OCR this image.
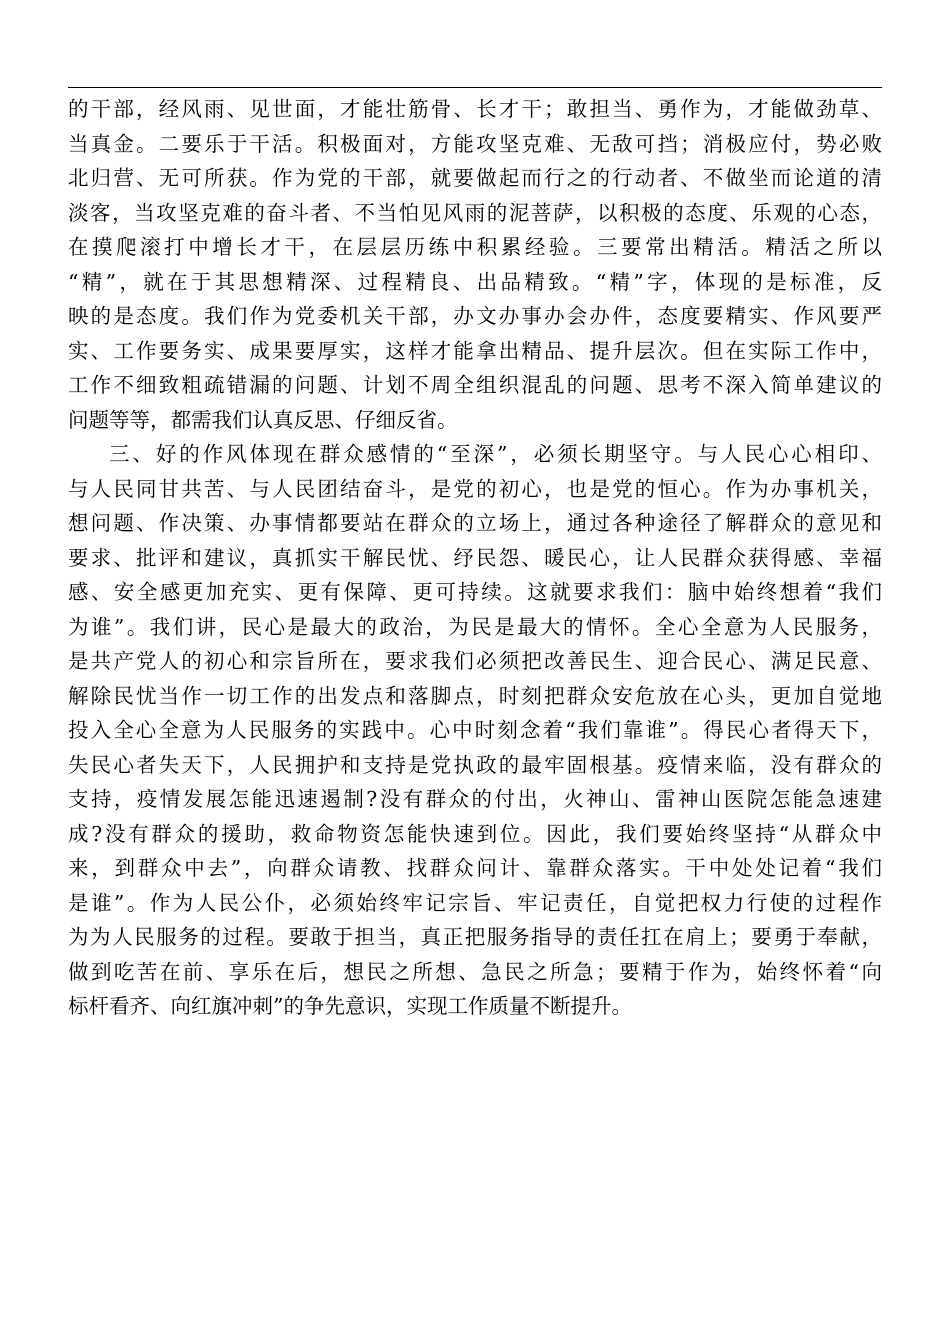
的干部，经风雨、见世面，才能壮筋骨、长才干；敢担当、勇作为，才能做劲草、
当真金。二要乐于干活。积极面对，方能攻坚克难、无敌可挡；消极应付，势必败
北归营、无可所获。作为党的干部，就要做起而行之的行动者、不做坐而论道的清
淡客，当攻坚克难的奋斗者、不当怕见风雨的泥菩萨，以积极的态度、乐观的心态，
在摸爬滚打中增长才干，在层层历练中积累经验。三要常出精活。精活之所以
“精”，就在于其思想精深、过程精良、出品精致。“精”字，体现的是标准，反
映的是态度。我们作为党委机关干部，办文办事办会办件，态度要精实、作风要严
实、工作要务实、成果要厚实，这样才能拿出精品、提升层次。但在实际工作中，
工作不细致粗疏错漏的问题、计划不周全组织混乱的问题、思考不深入简单建议的
问题等等，都需我们认真反思、仔细反省。
三、好的作风体现在群众感情的“至深”，必须长期坚守。与人民心心相印、
与人民同甘共苦、与人民团结奋斗，是党的初心，也是党的恒心。作为办事机关，
想问题、作决策、办事情都要站在群众的立场上，通过各种途径了解群众的意见和
要求、批评和建议，真抓实干解民忧、纾民怨、暖民心，让人民群众获得感、幸福
感、安全感更加充实、更有保障、更可持续。这就要求我们：脑中始终想着“我们
为谁”。我们讲，民心是最大的政治，为民是最大的情怀。全心全意为人民服务，
是共产党人的初心和宗旨所在，要求我们必须把改善民生、迎合民心、满足民意、
解除民忧当作一切工作的出发点和落脚点，时刻把群众安危放在心头，更加自觉地
投入全心全意为人民服务的实践中。心中时刻念着“我们靠谁”。得民心者得天下，
失民心者失天下，人民拥护和支持是党执政的最牢固根基。疫情来临，没有群众的
支持，疫情发展怎能迅速遏制?没有群众的付出，火神山、雷神山医院怎能急速建
成?没有群众的援助，救命物资怎能快速到位。因此，我们要始终坚持“从群众中
来，到群众中去”，向群众请教、找群众问计、靠群众落实。干中处处记着“我们
是谁”。作为人民公仆，必须始终牢记宗旨、牢记责任，自觉把权力行使的过程作
为为人民服务的过程。要敢于担当，真正把服务指导的责任扛在肩上；要勇于奉献，
做到吃苦在前、享乐在后，想民之所想、急民之所急；要精于作为，始终怀着“向
标杆看齐、向红旗冲刺”的争先意识，实现工作质量不断提升。
